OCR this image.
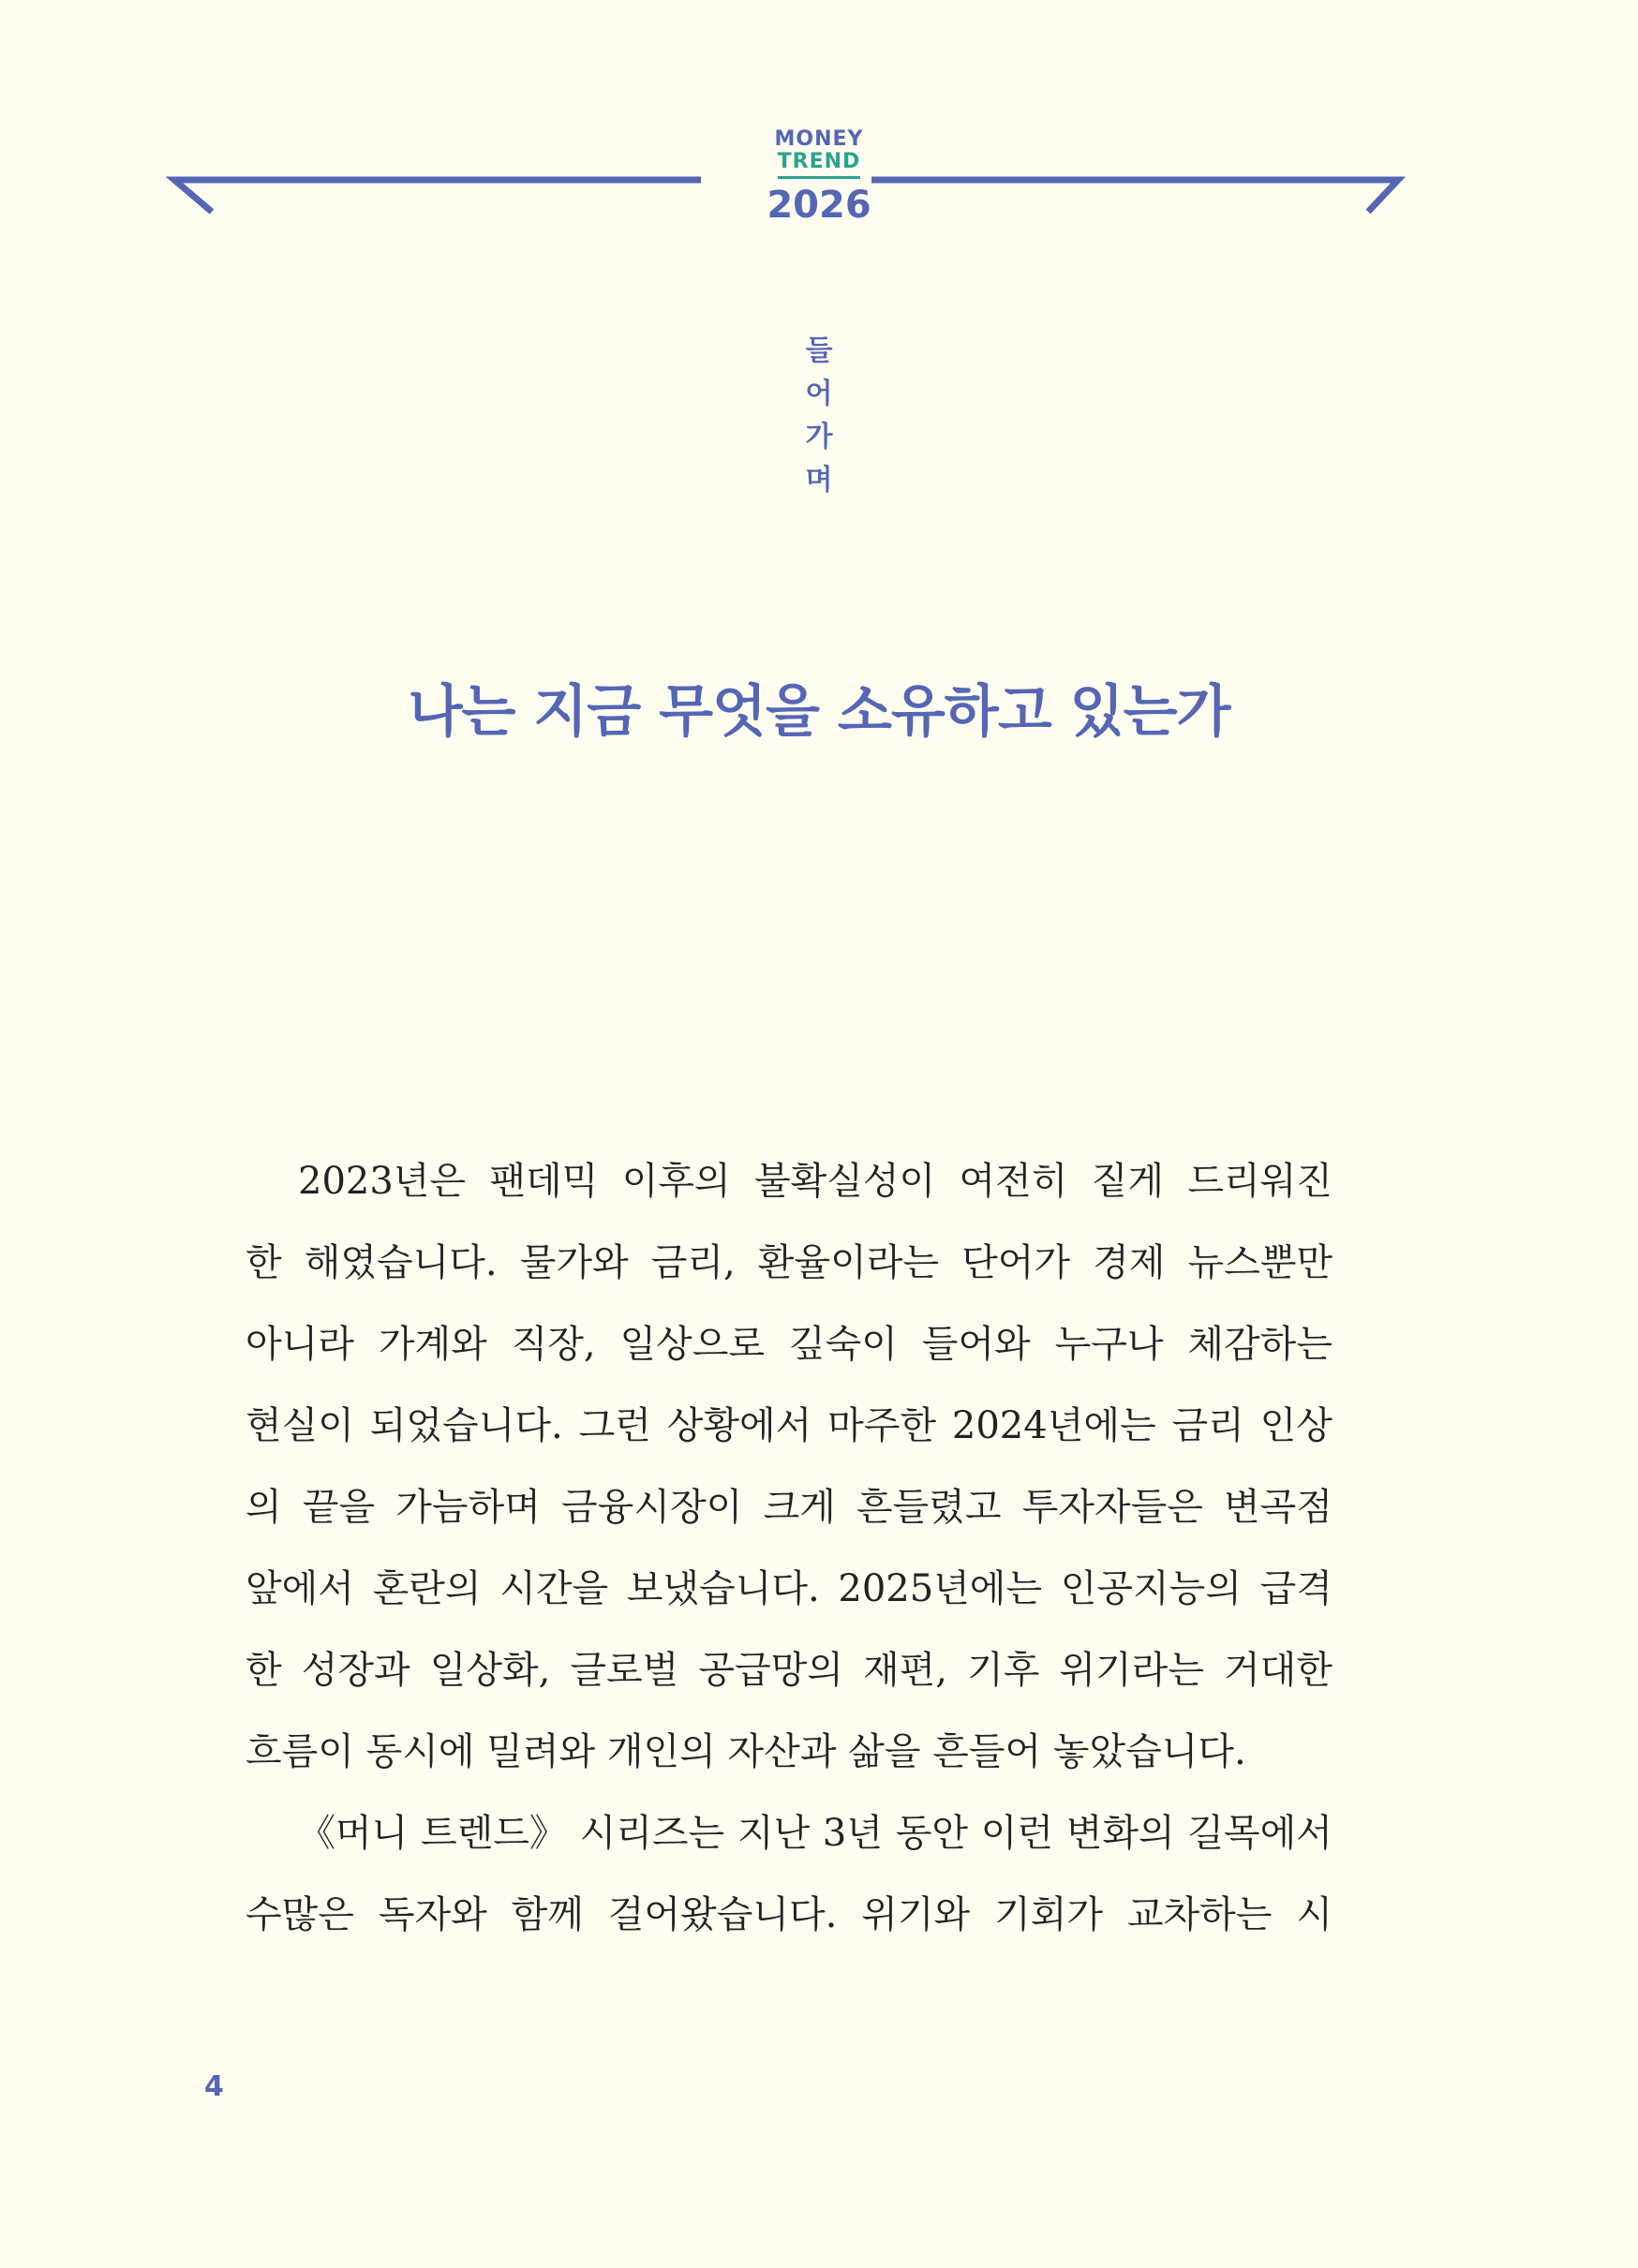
MONEY
TREND
2026
들
어
가
며
나는 지금 무엇을 소유하고 있는가
2023년은 팬데믹 이후의 불확실성이 여전히 짙게 드리워진
한 해였습니다. 물가와 금리, 환율이라는 단어가 경제 뉴스뿐만
아니라 가계와 직장, 일상으로 깊숙이 들어와 누구나 체감하는
현실이 되었습니다. 그런 상황에서 마주한 2024년에는 금리 인상
의 끝을 가늠하며 금융시장이 크게 흔들렸고 투자자들은 변곡점
앞에서 혼란의 시간을 보냈습니다. 2025년에는 인공지능의 급격
한 성장과 일상화, 글로벌 공급망의 재편, 기후 위기라는 거대한
흐름이 동시에 밀려와 개인의 자산과 삶을 흔들어 놓았습니다.
《머니 트렌드》 시리즈는 지난 3년 동안 이런 변화의 길목에서
수많은 독자와 함께 걸어왔습니다. 위기와 기회가 교차하는 시
4
